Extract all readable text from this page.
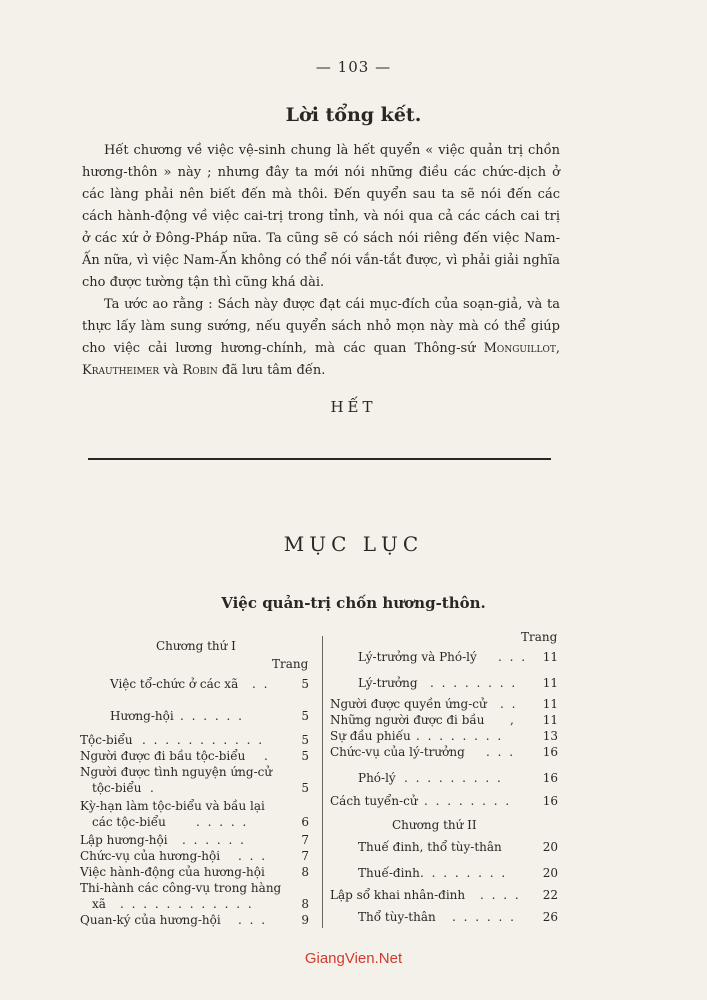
— 103 —
Lời tổng kết.

Hết chương về việc vệ-sinh chung là hết quyển « việc quản trị chồn hương-thôn » này ; nhưng đây ta mới nói những điều các chức-dịch ở các làng phải nên biết đến mà thôi. Đến quyển sau ta sẽ nói đến các cách hành-động về việc cai-trị trong tỉnh, và nói qua cả các cách cai trị ở các xứ ở Đông-Pháp nữa. Ta cũng sẽ có sách nói riêng đến việc Nam-Ấn nữa, vì việc Nam-Ấn không có thể nói vắn-tắt được, vì phải giải nghĩa cho được tường tận thì cũng khá dài.

Ta ước ao rằng : Sách này được đạt cái mục-đích của soạn-giả, và ta thực lấy làm sung sướng, nếu quyển sách nhỏ mọn này mà có thể giúp cho việc cải lương hương-chính, mà các quan Thông-sứ Monguillot, Krautheimer và Robin đã lưu tâm đến.

HẾT
MỤC LỤC
Việc quản-trị chốn hương-thôn.
Chương thứ I
Trang
Việc tổ-chức ở các xã . .	5
Hương-hội . . . . . .	5
Tộc-biểu . . . . . . . . . . .	5
Người được đi bầu tộc-biểu .	5
Người được tình nguyện ứng-cử
tộc-biểu .	5
Kỳ-hạn làm tộc-biểu và bầu lại
các tộc-biểu	. . . . .	6
Lập hương-hội . . . . . .	7
Chức-vụ của hương-hội . . .	7
Việc hành-động của hương-hội	8
Thi-hành các công-vụ trong hàng
xã . . . . . . . . . . . .	8
Quan-ký của hương-hội . . .	9
Trang
Lý-trưởng và Phó-lý . . .	11
Lý-trưởng . . . . . . . .	11
Người được quyền ứng-cử . .	11
Những người được đi bầu ,	11
Sự đầu phiếu . . . . . . . .	13
Chức-vụ của lý-trưởng . . .	16
Phó-lý . . . . . . . . .	16
Cách tuyển-cử . . . . . . . .	16
Chương thứ II
Thuế đinh, thổ tùy-thân	20
Thuế-đinh . . . . . . . .	20
Lập sổ khai nhân-đinh . . . .	22
Thổ tùy-thân . . . . . .	26
GiangVien.Net
